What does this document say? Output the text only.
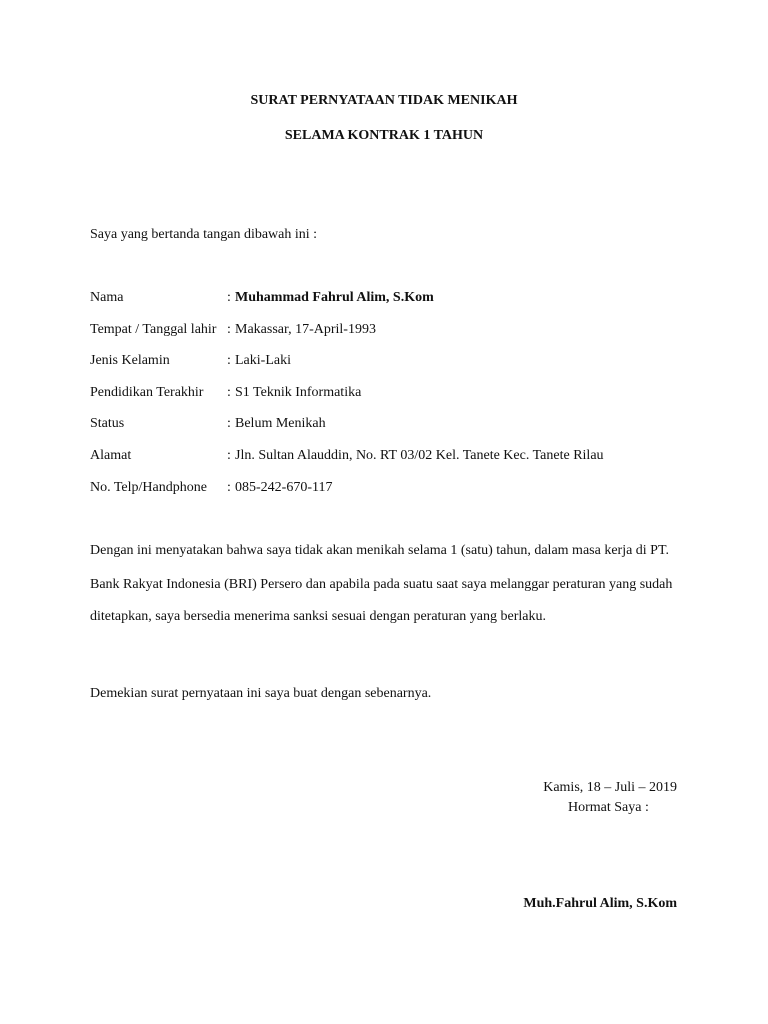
SURAT PERNYATAAN TIDAK MENIKAH
SELAMA KONTRAK 1 TAHUN
Saya yang bertanda tangan dibawah ini :
Nama	: Muhammad Fahrul Alim, S.Kom
Tempat / Tanggal lahir : Makassar, 17-April-1993
Jenis Kelamin	: Laki-Laki
Pendidikan Terakhir : S1 Teknik Informatika
Status	: Belum Menikah
Alamat	: Jln. Sultan Alauddin, No. RT 03/02 Kel. Tanete Kec. Tanete Rilau
No. Telp/Handphone : 085-242-670-117
Dengan ini menyatakan bahwa saya tidak akan menikah selama 1 (satu) tahun, dalam masa kerja di PT.
Bank Rakyat Indonesia (BRI) Persero dan apabila pada suatu saat saya melanggar peraturan yang sudah
ditetapkan, saya bersedia menerima sanksi sesuai dengan peraturan yang berlaku.
Demekian surat pernyataan ini saya buat dengan sebenarnya.
Kamis, 18 – Juli – 2019
Hormat Saya :
Muh.Fahrul Alim, S.Kom
